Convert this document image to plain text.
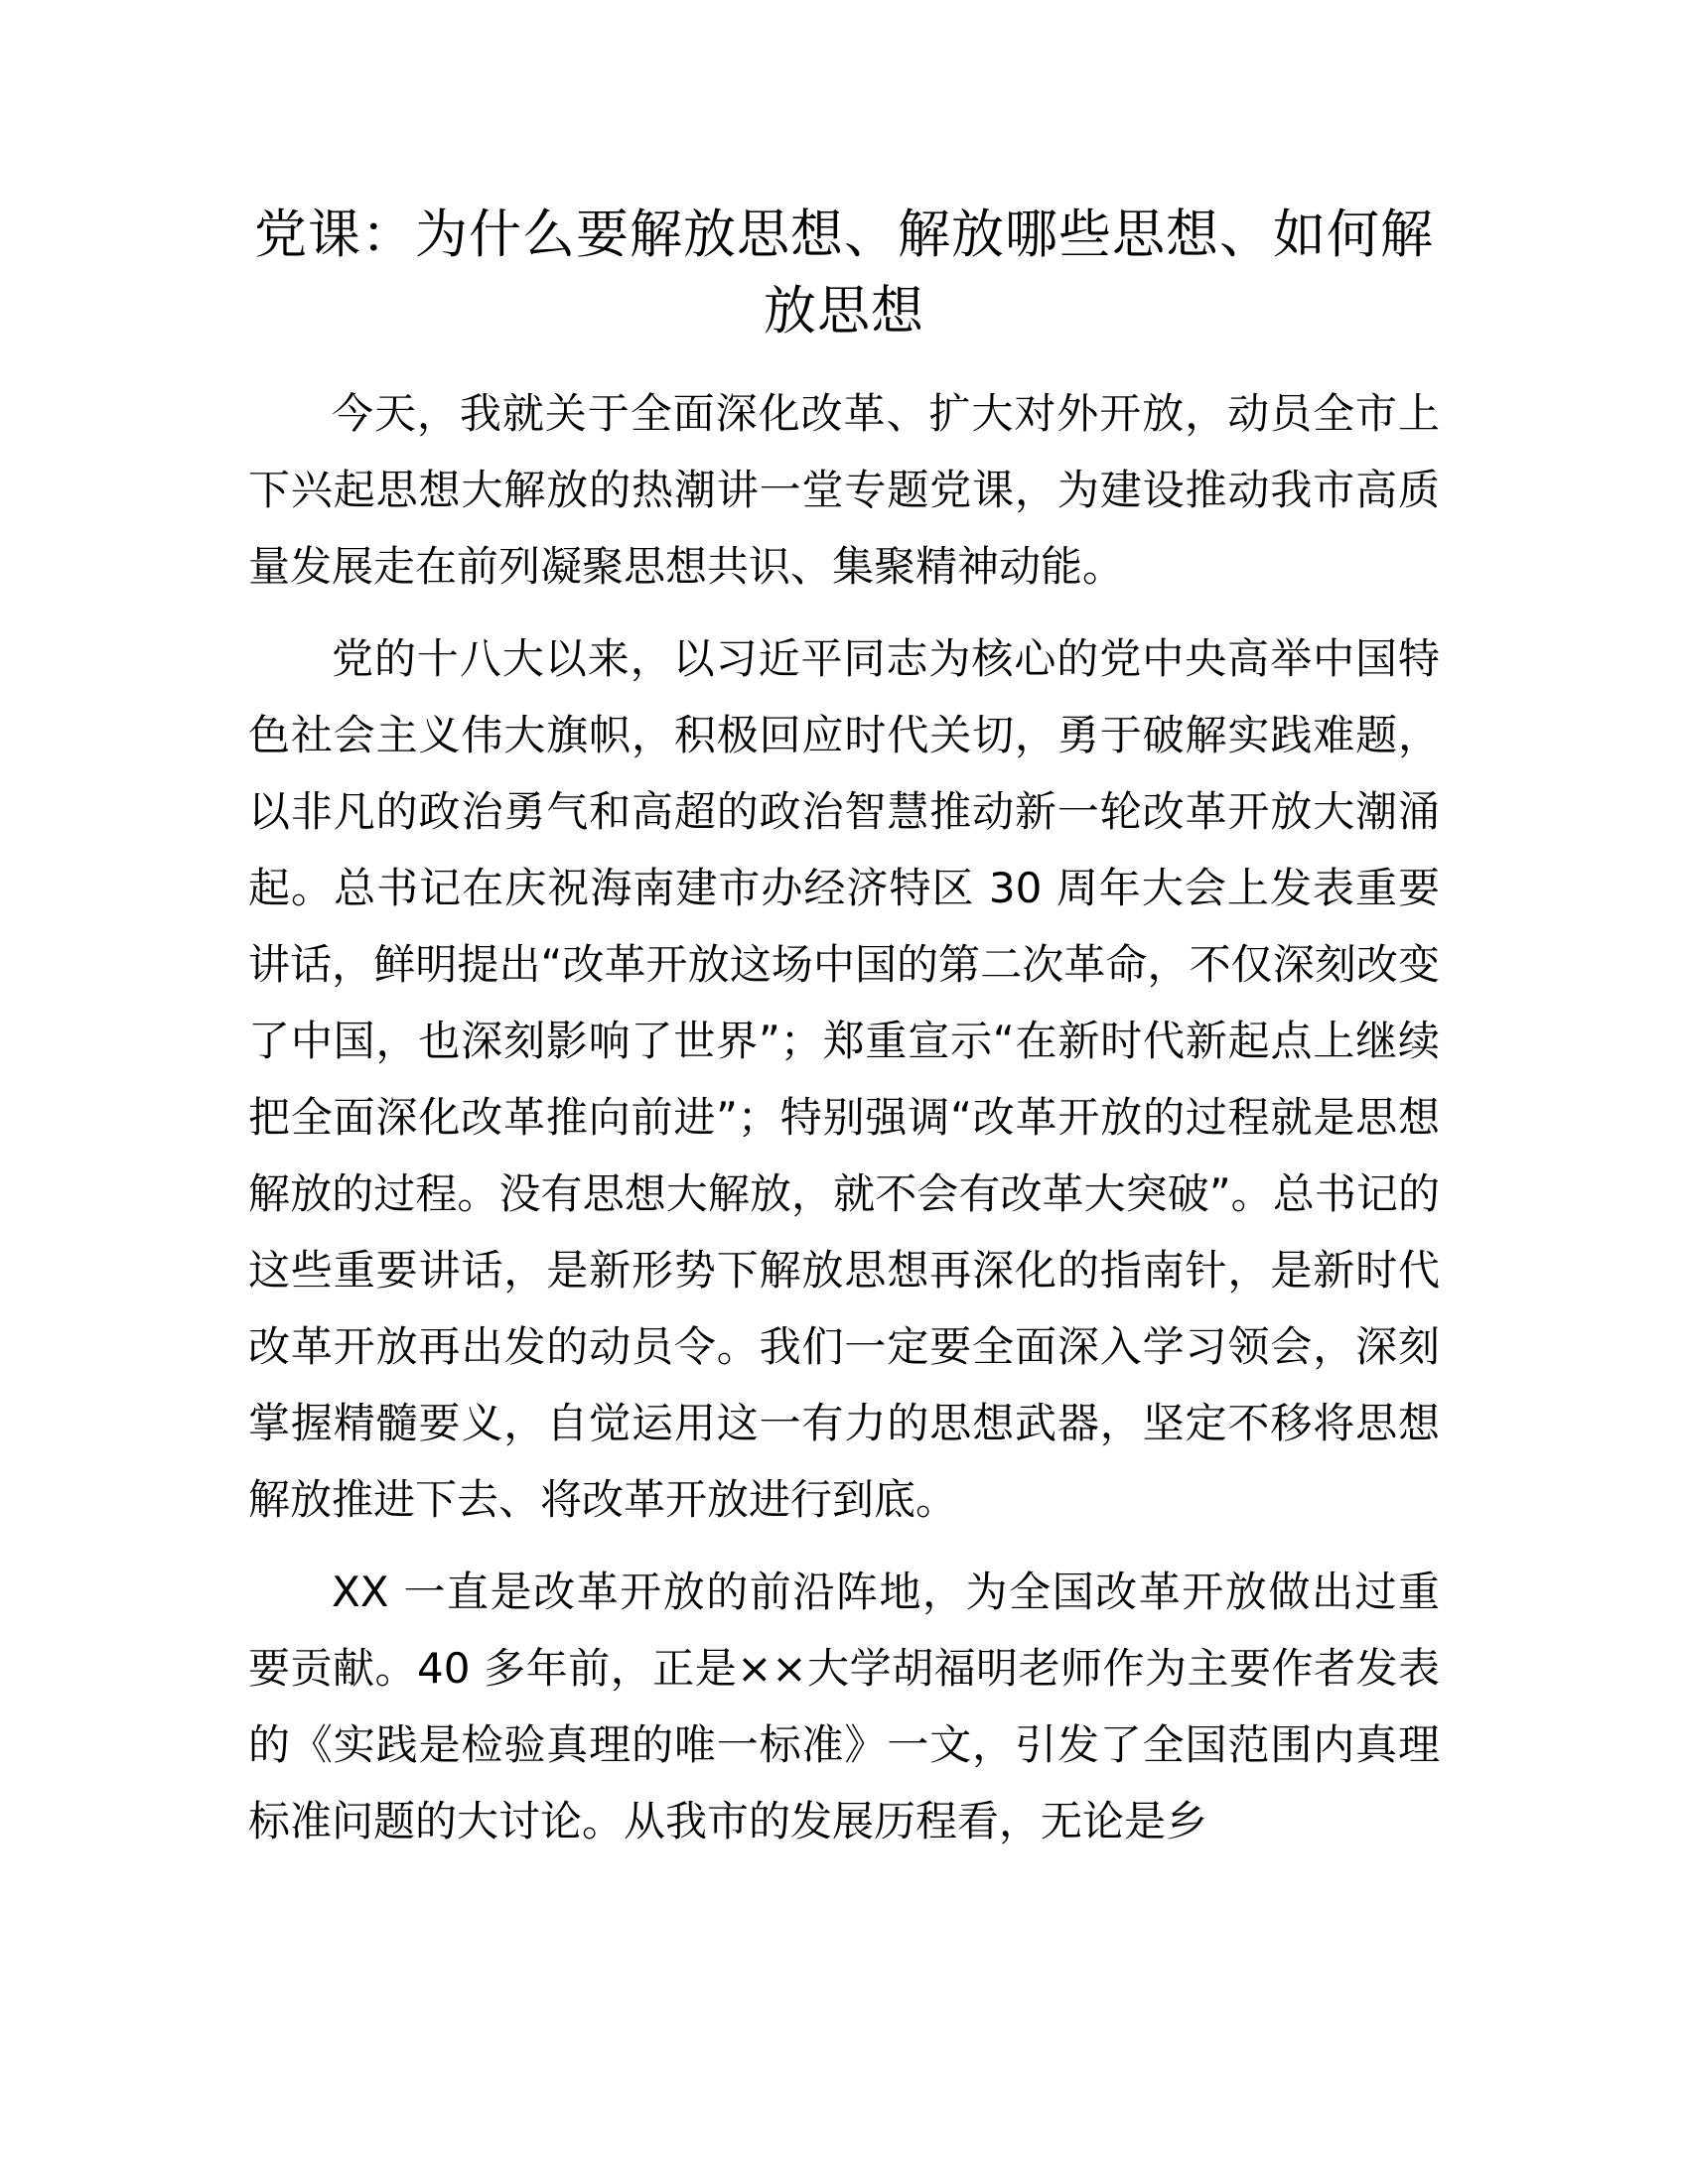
党课：为什么要解放思想、解放哪些思想、如何解放思想

今天，我就关于全面深化改革、扩大对外开放，动员全市上下兴起思想大解放的热潮讲一堂专题党课，为建设推动我市高质量发展走在前列凝聚思想共识、集聚精神动能。

党的十八大以来，以习近平同志为核心的党中央高举中国特色社会主义伟大旗帜，积极回应时代关切，勇于破解实践难题，以非凡的政治勇气和高超的政治智慧推动新一轮改革开放大潮涌起。总书记在庆祝海南建市办经济特区 30 周年大会上发表重要讲话，鲜明提出“改革开放这场中国的第二次革命，不仅深刻改变了中国，也深刻影响了世界”；郑重宣示“在新时代新起点上继续把全面深化改革推向前进”；特别强调“改革开放的过程就是思想解放的过程。没有思想大解放，就不会有改革大突破”。总书记的这些重要讲话，是新形势下解放思想再深化的指南针，是新时代改革开放再出发的动员令。我们一定要全面深入学习领会，深刻掌握精髓要义，自觉运用这一有力的思想武器，坚定不移将思想解放推进下去、将改革开放进行到底。

XX 一直是改革开放的前沿阵地，为全国改革开放做出过重要贡献。40 多年前，正是××大学胡福明老师作为主要作者发表的《实践是检验真理的唯一标准》一文，引发了全国范围内真理标准问题的大讨论。从我市的发展历程看，无论是乡
